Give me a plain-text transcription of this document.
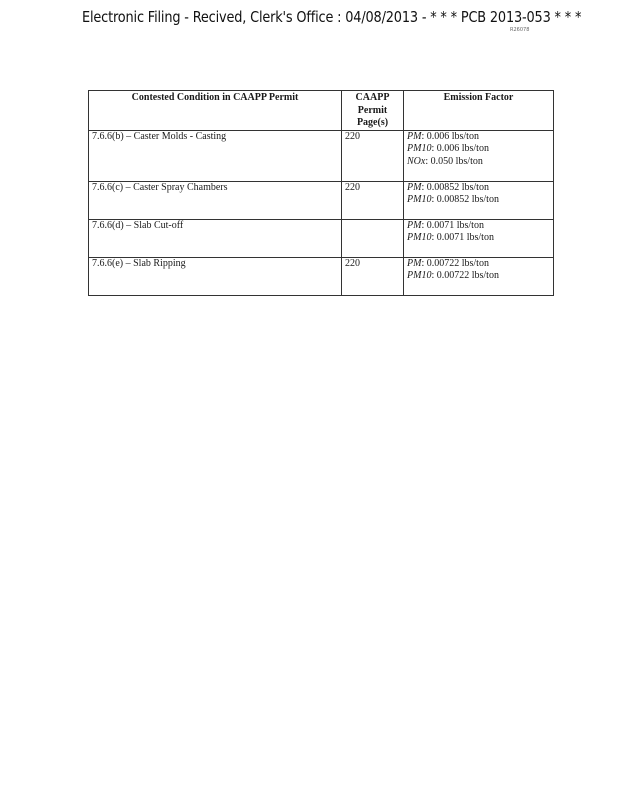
Electronic Filing - Recived, Clerk's Office : 04/08/2013 - * * * PCB 2013-053 * * *
R26078
Contested Condition in CAAPP Permit	CAAPP Permit Page(s)	Emission Factor
7.6.6(b) – Caster Molds - Casting	220	PM: 0.006 lbs/ton
PM10: 0.006 lbs/ton
NOx: 0.050 lbs/ton

7.6.6(c) – Caster Spray Chambers	220	PM: 0.00852 lbs/ton
PM10: 0.00852 lbs/ton

7.6.6(d) – Slab Cut-off		PM: 0.0071 lbs/ton
PM10: 0.0071 lbs/ton

7.6.6(e) – Slab Ripping	220	PM: 0.00722 lbs/ton
PM10: 0.00722 lbs/ton
